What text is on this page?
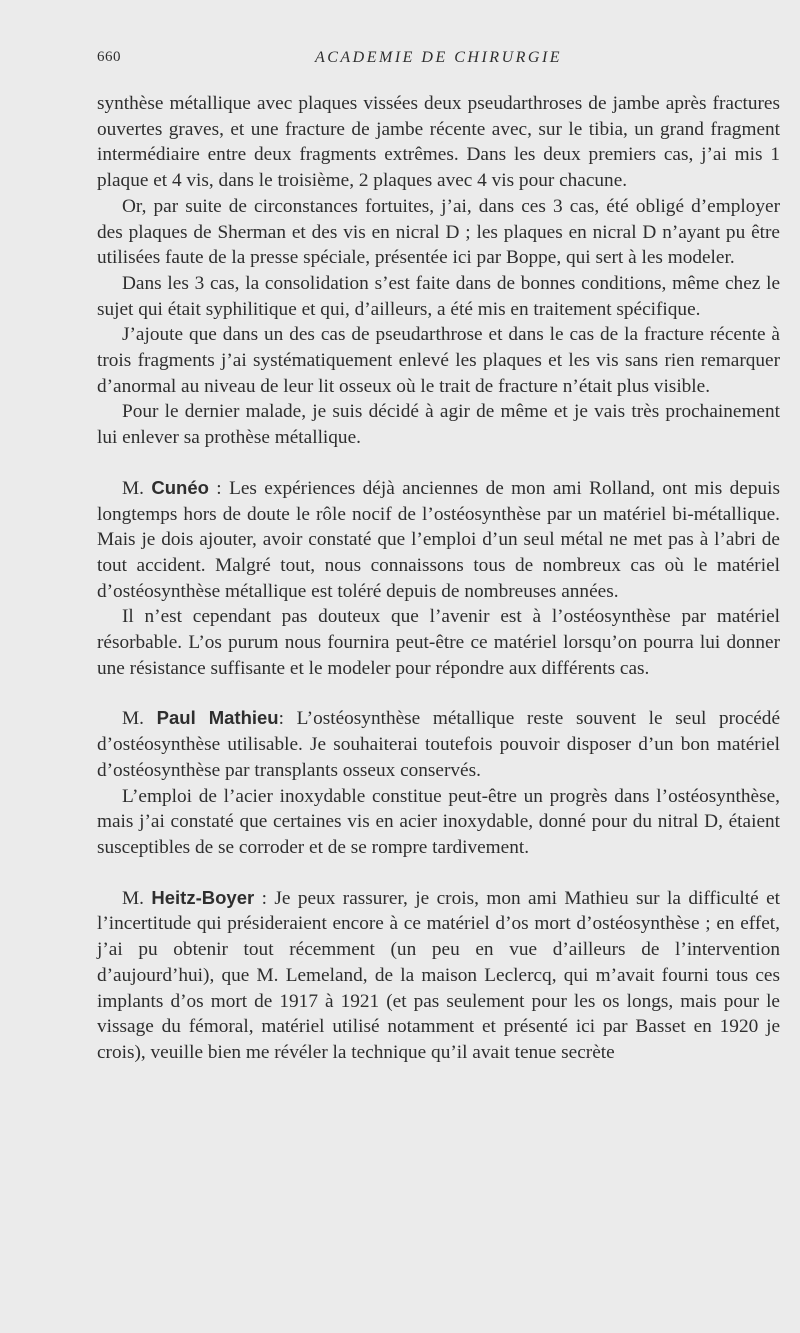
660	ACADEMIE DE CHIRURGIE

synthèse métallique avec plaques vissées deux pseudarthroses de jambe après fractures ouvertes graves, et une fracture de jambe récente avec, sur le tibia, un grand fragment intermédiaire entre deux fragments extrêmes. Dans les deux premiers cas, j’ai mis 1 plaque et 4 vis, dans le troisième, 2 plaques avec 4 vis pour chacune.

Or, par suite de circonstances fortuites, j’ai, dans ces 3 cas, été obligé d’employer des plaques de Sherman et des vis en nicral D ; les plaques en nicral D n’ayant pu être utilisées faute de la presse spéciale, présentée ici par Boppe, qui sert à les modeler.

Dans les 3 cas, la consolidation s’est faite dans de bonnes conditions, même chez le sujet qui était syphilitique et qui, d’ailleurs, a été mis en traitement spécifique.

J’ajoute que dans un des cas de pseudarthrose et dans le cas de la fracture récente à trois fragments j’ai systématiquement enlevé les plaques et les vis sans rien remarquer d’anormal au niveau de leur lit osseux où le trait de fracture n’était plus visible.

Pour le dernier malade, je suis décidé à agir de même et je vais très prochainement lui enlever sa prothèse métallique.

M. Cunéo : Les expériences déjà anciennes de mon ami Rolland, ont mis depuis longtemps hors de doute le rôle nocif de l’ostéosynthèse par un matériel bi-métallique. Mais je dois ajouter, avoir constaté que l’emploi d’un seul métal ne met pas à l’abri de tout accident. Malgré tout, nous connaissons tous de nombreux cas où le matériel d’ostéosynthèse métallique est toléré depuis de nombreuses années.

Il n’est cependant pas douteux que l’avenir est à l’ostéosynthèse par matériel résorbable. L’os purum nous fournira peut-être ce matériel lorsqu’on pourra lui donner une résistance suffisante et le modeler pour répondre aux différents cas.

M. Paul Mathieu: L’ostéosynthèse métallique reste souvent le seul procédé d’ostéosynthèse utilisable. Je souhaiterai toutefois pouvoir disposer d’un bon matériel d’ostéosynthèse par transplants osseux conservés.

L’emploi de l’acier inoxydable constitue peut-être un progrès dans l’ostéosynthèse, mais j’ai constaté que certaines vis en acier inoxydable, donné pour du nitral D, étaient susceptibles de se corroder et de se rompre tardivement.

M. Heitz-Boyer : Je peux rassurer, je crois, mon ami Mathieu sur la difficulté et l’incertitude qui présideraient encore à ce matériel d’os mort d’ostéosynthèse ; en effet, j’ai pu obtenir tout récemment (un peu en vue d’ailleurs de l’intervention d’aujourd’hui), que M. Lemeland, de la maison Leclercq, qui m’avait fourni tous ces implants d’os mort de 1917 à 1921 (et pas seulement pour les os longs, mais pour le vissage du fémoral, matériel utilisé notamment et présenté ici par Basset en 1920 je crois), veuille bien me révéler la technique qu’il avait tenue secrète
